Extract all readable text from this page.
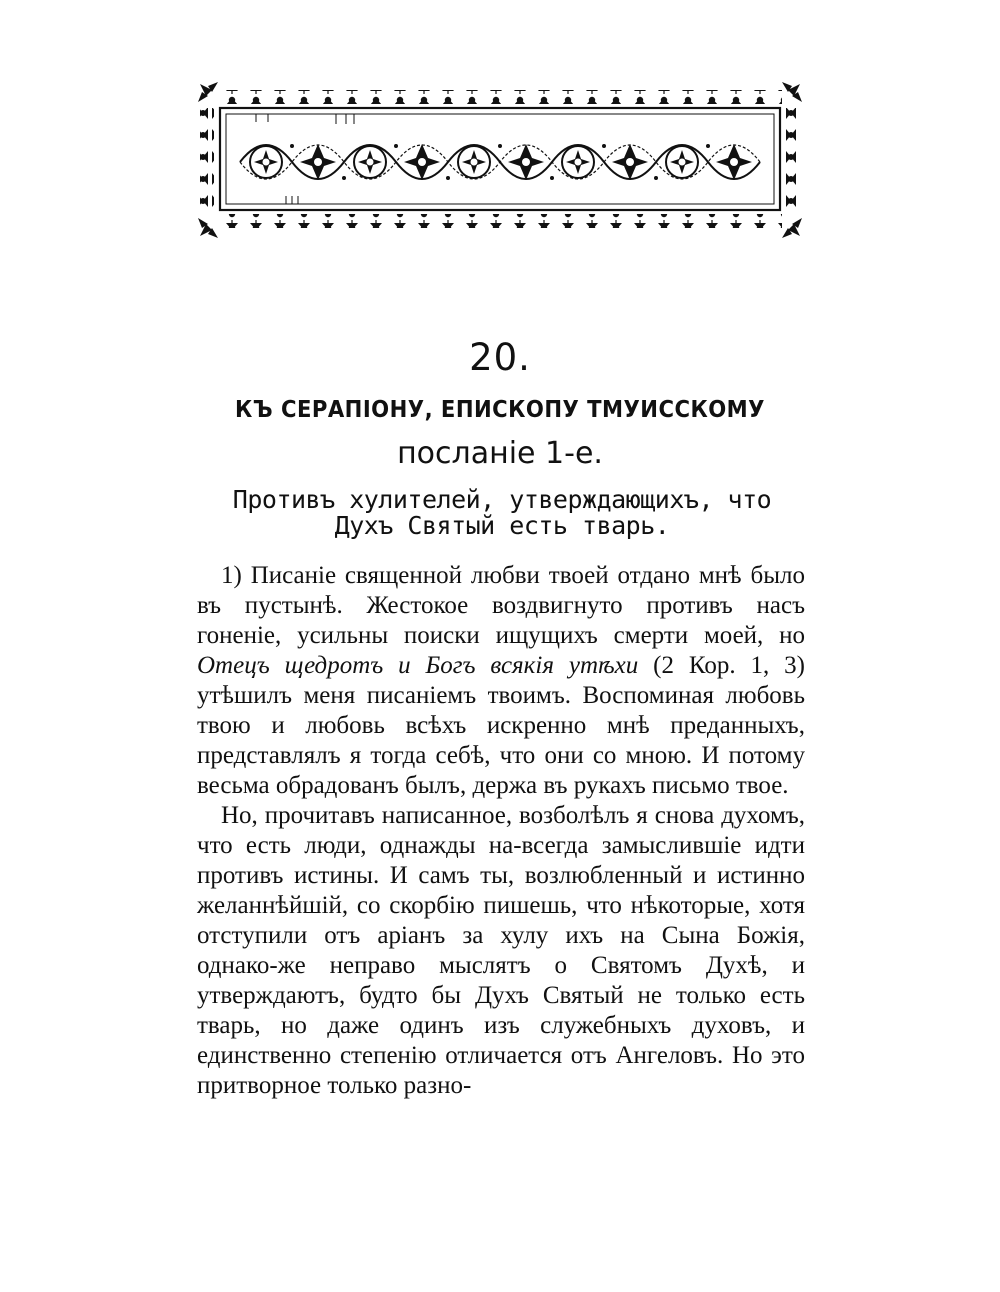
20.
КЪ СЕРАПІОНУ, ЕПИСКОПУ ТМУИССКОМУ
посланіе 1-е.
Противъ хулителей, утверждающихъ, что
Духъ Святый есть тварь.

1) Писаніе священной любви твоей отдано мнѣ было въ пустынѣ. Жестокое воздвигнуто противъ насъ гоненіе, усильны поиски ищущихъ смерти моей, но Отецъ щедротъ и Богъ всякія утѣхи (2 Кор. 1, 3) утѣшилъ меня писаніемъ твоимъ. Воспоминая любовь твою и любовь всѣхъ искренно мнѣ преданныхъ, представлялъ я тогда себѣ, что они со мною. И потому весьма обрадованъ былъ, держа въ рукахъ письмо твое.

Но, прочитавъ написанное, возболѣлъ я снова духомъ, что есть люди, однажды на-всегда замыслившіе идти противъ истины. И самъ ты, возлюбленный и истинно желаннѣйшій, со скорбію пишешь, что нѣкоторые, хотя отступили отъ аріанъ за хулу ихъ на Сына Божія, однако-же неправо мыслятъ о Святомъ Духѣ, и утверждаютъ, будто бы Духъ Святый не только есть тварь, но даже одинъ изъ служебныхъ духовъ, и единственно степенію отличается отъ Ангеловъ. Но это притворное только разно-
